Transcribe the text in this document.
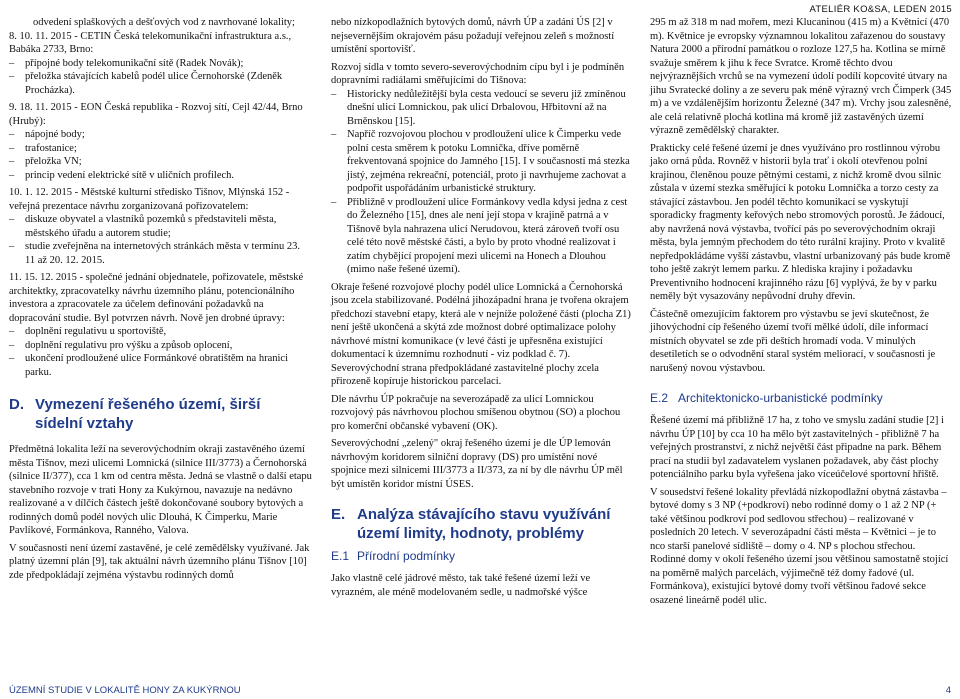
ATELIÉR KO&SA, LEDEN 2015

odvedení splaškových a dešťových vod z navrhované lokality;

8. 10. 11. 2015 - CETIN Česká telekomunikační infrastruktura a.s., Babáka 2733, Brno:

– přípojné body telekomunikační sítě (Radek Novák);
– přeložka stávajících kabelů podél ulice Černohorské (Zdeněk Procházka).

9. 18. 11. 2015 - EON Česká republika - Rozvoj sítí, Cejl 42/44, Brno (Hrubý):

– nápojné body;
– trafostanice;
– přeložka VN;
– princip vedení elektrické sítě v uličních profilech.

10. 1. 12. 2015 - Městské kulturní středisko Tišnov, Mlýnská 152 - veřejná prezentace návrhu zorganizovaná pořizovatelem:

– diskuze obyvatel a vlastníků pozemků s představiteli města, městského úřadu a autorem studie;
– studie zveřejněna na internetových stránkách města v termínu 23. 11 až 20. 12. 2015.

11. 15. 12. 2015 - společné jednání objednatele, pořizovatele, městské architektky, zpracovatelky návrhu územního plánu, potencionálního investora a zpracovatele za účelem definování požadavků na dopracování studie. Byl potvrzen návrh. Nově jen drobné úpravy:

– doplnění regulativu u sportoviště,
– doplnění regulativu pro výšku a způsob oplocení,
– ukončení prodloužené ulice Formánkové obratištěm na hranici parku.
D. Vymezení řešeného území, širší sídelní vztahy

Předmětná lokalita leží na severovýchodním okraji zastavěného území města Tišnov, mezi ulicemi Lomnická (silnice III/3773) a Černohorská (silnice II/377), cca 1 km od centra města. Jedná se vlastně o další etapu stavebního rozvoje v trati Hony za Kukýrnou, navazuje na nedávno realizované a v dílčích částech ještě dokončované soubory bytových a rodinných domů podél nových ulic Dlouhá, K Čimperku, Marie Pavlíkové, Formánkova, Ranného, Valova.

V současnosti není území zastavěné, je celé zemědělsky využívané. Jak platný územní plán [9], tak aktuální návrh územního plánu Tišnov [10] zde předpokládají zejména výstavbu rodinných domů

nebo nízkopodlažních bytových domů, návrh ÚP a zadání ÚS [2] v nejsevernějším okrajovém pásu požadují veřejnou zeleň s možností umístění sportovišť.

Rozvoj sídla v tomto severo-severovýchodním cípu byl i je podmíněn dopravními radiálami směřujícími do Tišnova:

– Historicky nedůležitější byla cesta vedoucí se severu již zmíněnou dnešní ulicí Lomnickou, pak ulicí Drbalovou, Hřbitovní až na Brněnskou [15].
– Napříč rozvojovou plochou v prodloužení ulice k Čimperku vede polní cesta směrem k potoku Lomnička, dříve poměrně frekventovaná spojnice do Jamného [15]. I v současnosti má stezka jistý, zejména rekreační, potenciál, proto ji navrhujeme zachovat a podpořit uspořádáním urbanistické struktury.
– Přibližně v prodloužení ulice Formánkovy vedla kdysi jedna z cest do Železného [15], dnes ale není její stopa v krajině patrná a v Tišnově byla nahrazena ulicí Nerudovou, která zároveň tvoří osu celé této nově městské části, a bylo by proto vhodné realizovat i zatím chybějící propojení mezi ulicemi na Honech a Dlouhou (mimo naše řešené území).

Okraje řešené rozvojové plochy podél ulice Lomnická a Černohorská jsou zcela stabilizované. Podélná jihozápadní hrana je tvořena okrajem předchozí stavební etapy, která ale v nejníže položené části (plocha Z1) není ještě ukončená a skýtá zde možnost dobré optimalizace polohy návrhové místní komunikace (v levé části je upřesněna existující dokumentací k územnímu rozhodnutí - viz podklad č. 7). Severovýchodní strana předpokládané zastavitelné plochy zcela přirozeně kopíruje historickou parcelaci.

Dle návrhu ÚP pokračuje na severozápadě za ulicí Lomnickou rozvojový pás návrhovou plochou smíšenou obytnou (SO) a plochou pro komerční občanské vybavení (OK).

Severovýchodní „zelený" okraj řešeného území je dle ÚP lemován návrhovým koridorem silniční dopravy (DS) pro umístění nové spojnice mezi silnicemi III/3773 a II/373, za ní by dle návrhu ÚP měl být umístěn koridor místní ÚSES.

E. Analýza stávajícího stavu využívání území limity, hodnoty, problémy
E.1 Přírodní podmínky

Jako vlastně celé jádrové město, tak také řešené území leží ve vyrazném, ale méně modelovaném sedle, u nadmořské výšce

295 m až 318 m nad mořem, mezi Klucaninou (415 m) a Květnicí (470 m). Květnice je evropsky významnou lokalitou zařazenou do soustavy Natura 2000 a přírodní památkou o rozloze 127,5 ha. Kotlina se mírně svažuje směrem k jihu k řece Svratce. Kromě těchto dvou nejvýraznějších vrchů se na vymezení údolí podílí kopcovité útvary na jihu Svratecké doliny a ze severu pak méně výrazný vrch Čimperk (345 m) a ve vzdálenějším horizontu Železné (347 m). Vrchy jsou zalesněné, ale celá relativně plochá kotlina má kromě již zastavěných území výrazně zemědělský charakter.

Prakticky celé řešené území je dnes využíváno pro rostlinnou výrobu jako orná půda. Rovněž v historii byla trať i okolí otevřenou polní krajinou, členěnou pouze pětnými cestami, z nichž kromě dvou silnic zůstala v území stezka směřující k potoku Lomnička a torzo cesty za stávající zástavbou. Jen podél těchto komunikací se vyskytují sporadicky fragmenty keřových nebo stromových porostů. Je žádoucí, aby navržená nová výstavba, tvořící pás po severovýchodním okraji města, byla jemným přechodem do této rurální krajiny. Proto v kvalitě nepředpokládáme vyšší zástavbu, vlastní urbanizovaný pás bude kromě toho ještě zakrýt lemem parku. Z hlediska krajiny i požadavku Preventivního hodnocení krajinného rázu [6] vyplývá, že by v parku neměly být vysazovány nepůvodní druhy dřevin.

Částečně omezujícím faktorem pro výstavbu se jeví skutečnost, že jihovýchodní cíp řešeného území tvoří mělké údolí, díle informací místních obyvatel se zde při deštích hromadí voda. V minulých desetiletích se o odvodnění staral systém meliorací, v současnosti je narušený novou výstavbou.

E.2 Architektonicko-urbanistické podmínky

Řešené území má přibližně 17 ha, z toho ve smyslu zadání studie [2] i návrhu ÚP [10] by cca 10 ha mělo být zastavitelných - přibližně 7 ha veřejných prostranství, z nichž největší část připadne na park. Během prací na studii byl zadavatelem vyslanen požadavek, aby část plochy potenciálního parku byla vyřešena jako víceúčelové sportovní hřiště.

V sousedství řešené lokality převládá nízkopodlažní obytná zástavba – bytové domy s 3 NP (+podkroví) nebo rodinné domy o 1 až 2 NP (+ také většinou podkroví pod sedlovou střechou) – realizované v posledních 20 letech. V severozápadní části města – Květnici – je to nco starší panelové sídliště – domy o 4. NP s plochou střechou. Rodinné domy v okolí řešeného území jsou většinou samostatně stojící na poměrně malých parcelách, výjimečně též domy řadové (ul. Formánkova), existující bytové domy tvoří většinou řadové sekce osazené lineárně podél ulic.

ÚZEMNÍ STUDIE V LOKALITĚ HONY ZA KUKÝRNOU	4
